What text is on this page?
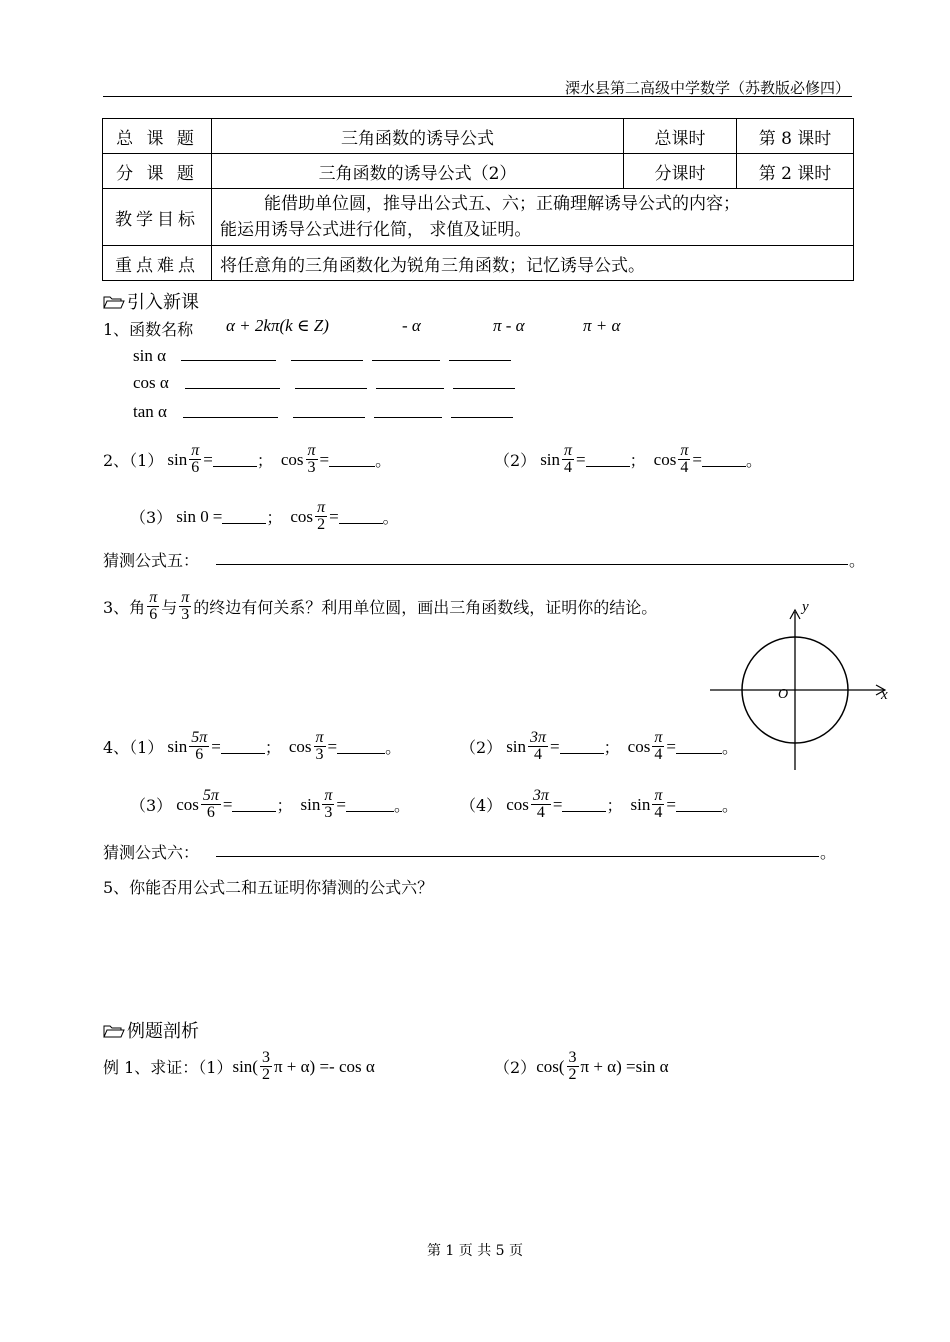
溧水县第二高级中学数学（苏教版必修四）
总 课 题	三角函数的诱导公式	总课时	第 8 课时
分 课 题	三角函数的诱导公式（2）	分课时	第 2 课时
教学目标	能借助单位圆，推导出公式五、六；正确理解诱导公式的内容；
能运用诱导公式进行化简， 求值及证明。		

重点难点	将任意角的三角函数化为锐角三角函数；记忆诱导公式。		
引入新课
1、函数名称 α + 2kπ(k ∈ Z)	- α	π - α	π + α
sin α
cos α
tan α
2、（1） $\sin \frac{\pi}{6}$ =	； $\cos \frac{\pi}{3}$ =	。	（2） $\sin \frac{\pi}{4}$ =	； $\cos \frac{\pi}{4}$ =	。
（3） sin 0 =	； $\cos \frac{\pi}{2}$ =	。
猜测公式五：	。
3、角 $\frac{\pi}{6}$ 与 $\frac{\pi}{3}$ 的终边有何关系？利用单位圆，画出三角函数线，证明你的结论。
x
y
O
4、（1） $\sin \frac{5\pi}{6}$ =	； $\cos \frac{\pi}{3}$ =	。	（2） $\sin \frac{3\pi}{4}$ =	； $\cos \frac{\pi}{4}$ =	。
（3） $\cos \frac{5\pi}{6}$ =	； $\sin \frac{\pi}{3}$ =	。	（4） $\cos \frac{3\pi}{4}$ =	； $\sin \frac{\pi}{4}$ =	。
猜测公式六：	。
5、你能否用公式二和五证明你猜测的公式六？
例题剖析
例 1、求证：（1） $\sin( \frac{3}{2}$ π + α) =- cos α	（2） $\cos( \frac{3}{2}$ π + α) =sin α
第 1 页 共 5 页
